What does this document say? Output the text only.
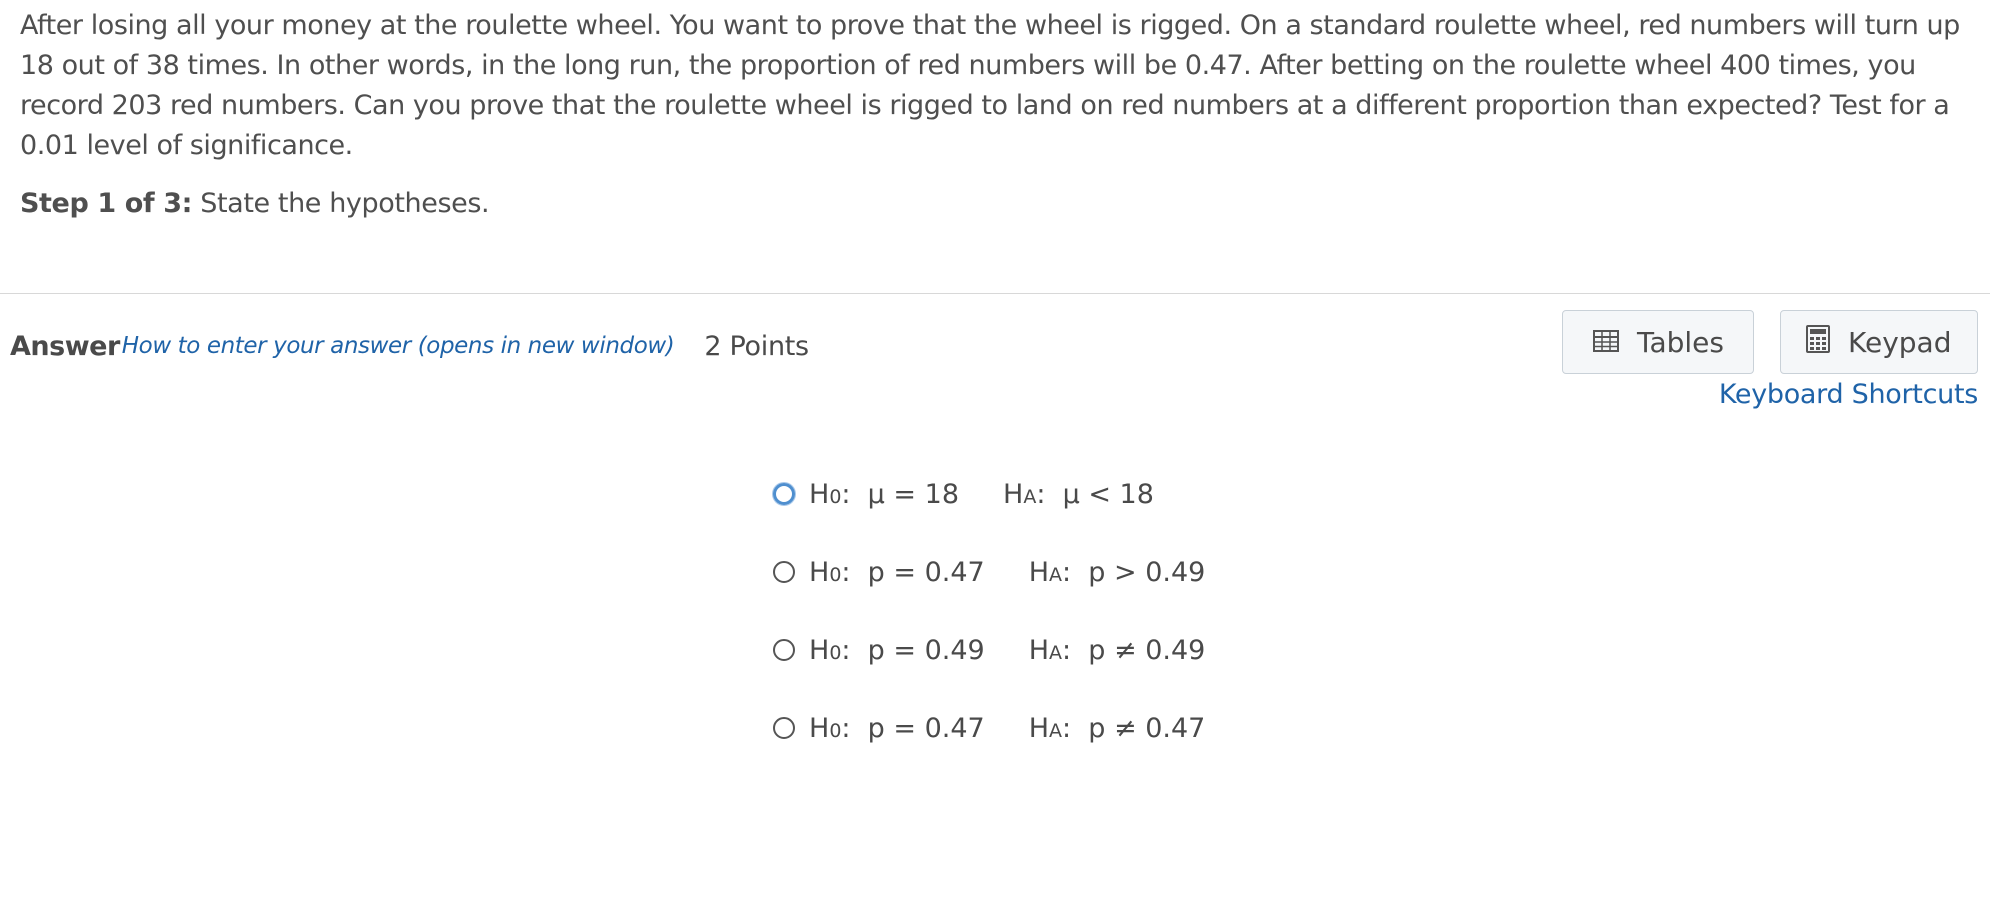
After losing all your money at the roulette wheel. You want to prove that the wheel is rigged. On a standard roulette wheel, red numbers will turn up 18 out of 38 times. In other words, in the long run, the proportion of red numbers will be 0.47. After betting on the roulette wheel 400 times, you record 203 red numbers. Can you prove that the roulette wheel is rigged to land on red numbers at a different proportion than expected? Test for a 0.01 level of significance.
Step 1 of 3: State the hypotheses.
Answer How to enter your answer (opens in new window) 2 Points	Tables	Keypad
Keyboard Shortcuts
H 0 : μ = 18 H A : μ < 18
H 0 : p = 0.47 H A : p > 0.49
H 0 : p = 0.49 H A : p ≠ 0.49
H 0 : p = 0.47 H A : p ≠ 0.47
